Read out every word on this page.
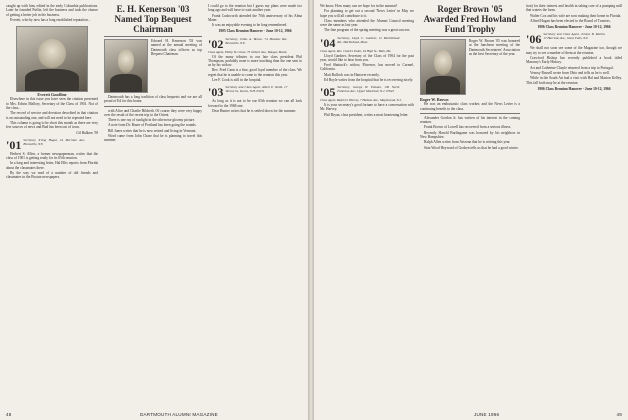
caught up with him, edited in the early Columbia publications. Later he founded Puffin, left the business and took the chance of getting a better job in the business.

Everett, who by now has a long established reputation...

Everett Goodline

Elsewhere in this issue you have seen the citation presented to Mrs. Edwin Mallory, Secretary of the Class of 1901. Not of the class...

The record of service and devotion described in that citation is an outstanding one, and will not need to be repeated here.

This column is going to be short this month as there are very few sources of news and Bud has been out of town.

Gil Balkam '38
'01 Secretary, Irving Hagar, 24 Merriam Ave., Bronxville, N.Y.

Herbert S. Allen, a former newspaperman, writes that the class of 1901 is getting ready for its 65th reunion.

In a long and interesting letter, Hal Ellis reports from Florida about the classmates there.

By the way we read of a number of old friends and classmates in the Boston newspapers.

E. H. Kenerson '03 Named Top Bequest Chairman

Edward H. Kenerson '03 was named at the annual meeting of Dartmouth class officers as top Bequest Chairman.

Dartmouth has a long tradition of class bequests and we are all proud of Ed for this honor.

with Alice and Charlie Hildreth. Of course they were very happy over the result of the recent trip to the Orient.

There is one ray of sunlight in the otherwise gloomy picture.

A note from Dr. Bauer of Portland has been going the rounds.

Bill Jones writes that he is now retired and living in Vermont.

Word came from John Chase that he is planning to travel this summer.

I could go to the reunion but I guess my plans were made too long ago and will have to wait another year.

Frank Cushworth attended the 70th anniversary of his Alma Mater.

It was an enjoyable evening to be long remembered.

1905 Class Reunion Hanover - June 10-12, 1966
'02 Secretary, Julius A. Brown, 74 Meadow Rd., Bronxville, N.Y.
Class Agent, Philip W. Chase, 73 Gilbert Ave., Bangor, Maine

Of the many tributes to our late class president Phil Thompson, probably none is more touching than the one sent to us by his widow.

Rev. Fred Cann is a fine, good loyal member of the class. We regret that he is unable to come to the reunion this year.

Lee F. Cook is still in the hospital.

'03 Secretary and Class Agent, Albert E. Smith, 17 Vernon St., Keene, N.H. 03431

As long as it is not to be our 65th reunion we can all look forward to the 1968 one.

Dear Hunter writes that he is settled down for the summer.

48	DARTMOUTH ALUMNI MAGAZINE

We know. How many can we hope for in the autumn?

For planning to get out a second 'News Letter' in May we hope you will all contribute to it.

Class members who attended the Alumni Council meeting were the same as last year.

The fine program of the spring meeting was a great success.

'04 Secretary, Lloyd C. Gardner, 12 Marblehead Rd., Marblehead, Mass.
Class Agent, Rev. Charles Tudor, 94 High St., Bath, Me.

Lloyd Gardner, Secretary of the Class of 1904 for the past year, would like to hear from you.

Fred Shattuck's widow, Florence, has moved to Carmel, California.

Matt Bullock was in Hanover recently.

Ed Boyle writes from the hospital that he is recovering nicely.

'05 Secretary, George W. Putnam, 136 North Fullerton Ave., Upper Montclair, N.J. 07043
Class Agent, Ralph D. Harvey, 7 Hudson Ave., Maplewood, N.J.

It is your secretary's good fortune to have a conversation with Mr. Harvey.

Phil Bryan, class president, writes a most heartening letter.

Roger Brown '05 Awarded Fred Howland Fund Trophy

Roger W. Brown '05 was honored at the luncheon meeting of the Dartmouth Secretaries' Association as the best Secretary of the year.

Roger W. Brown

He was an enthusiastic class worker, and the News Letter is a continuing benefit to the class.

Alexander Gordon Jr. has written of his interest in the coming reunion.

Frank Brown of Lowell has recovered from a serious illness.

Recently Harold Burlingame was honored by his neighbors in New Hampshire.

Ralph Allen writes from Arizona that he is retiring this year.

Stan Wood Heyward of Goshen tells us that he had a good winter.

tion) for their interest and health in taking care of a pumping mill that waters the farm.

Walter Cox and his wife are now making their home in Florida.

Alfred Hogan has been elected to the Board of Trustees.

1906 Class Reunion Hanover - June 10-12, 1966
'06 Secretary and Class Agent, Jerome B. Martin, 17 Harrison Ave., Glens Falls, N.Y.

We shall not soon see some of the Magazine too, though we may try to see a number of them at the reunion.

Crawford Bishop has recently published a book titled Masonry's Early History.

Art and Catherine Chayle returned from a trip to Portugal.

Venosy Russell wrote from Ohio and tells us he is well.

While in the South Art had a visit with Hal and Marion Kelley. This fall both may be at the reunion.

1906 Class Reunion Hanover - June 10-12, 1966
JUNE 1966	49
